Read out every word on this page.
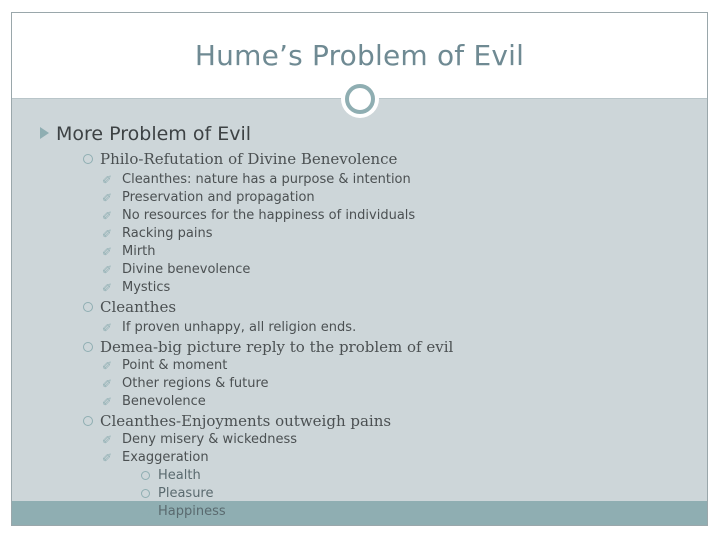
Hume’s Problem of Evil
More Problem of Evil
Philo-Refutation of Divine Benevolence
✐ Cleanthes: nature has a purpose & intention
✐ Preservation and propagation
✐ No resources for the happiness of individuals
✐ Racking pains
✐ Mirth
✐ Divine benevolence
✐ Mystics
Cleanthes
✐ If proven unhappy, all religion ends.
Demea-big picture reply to the problem of evil
✐ Point & moment
✐ Other regions & future
✐ Benevolence
Cleanthes-Enjoyments outweigh pains
✐ Deny misery & wickedness
✐ Exaggeration
Health
Pleasure
Happiness
